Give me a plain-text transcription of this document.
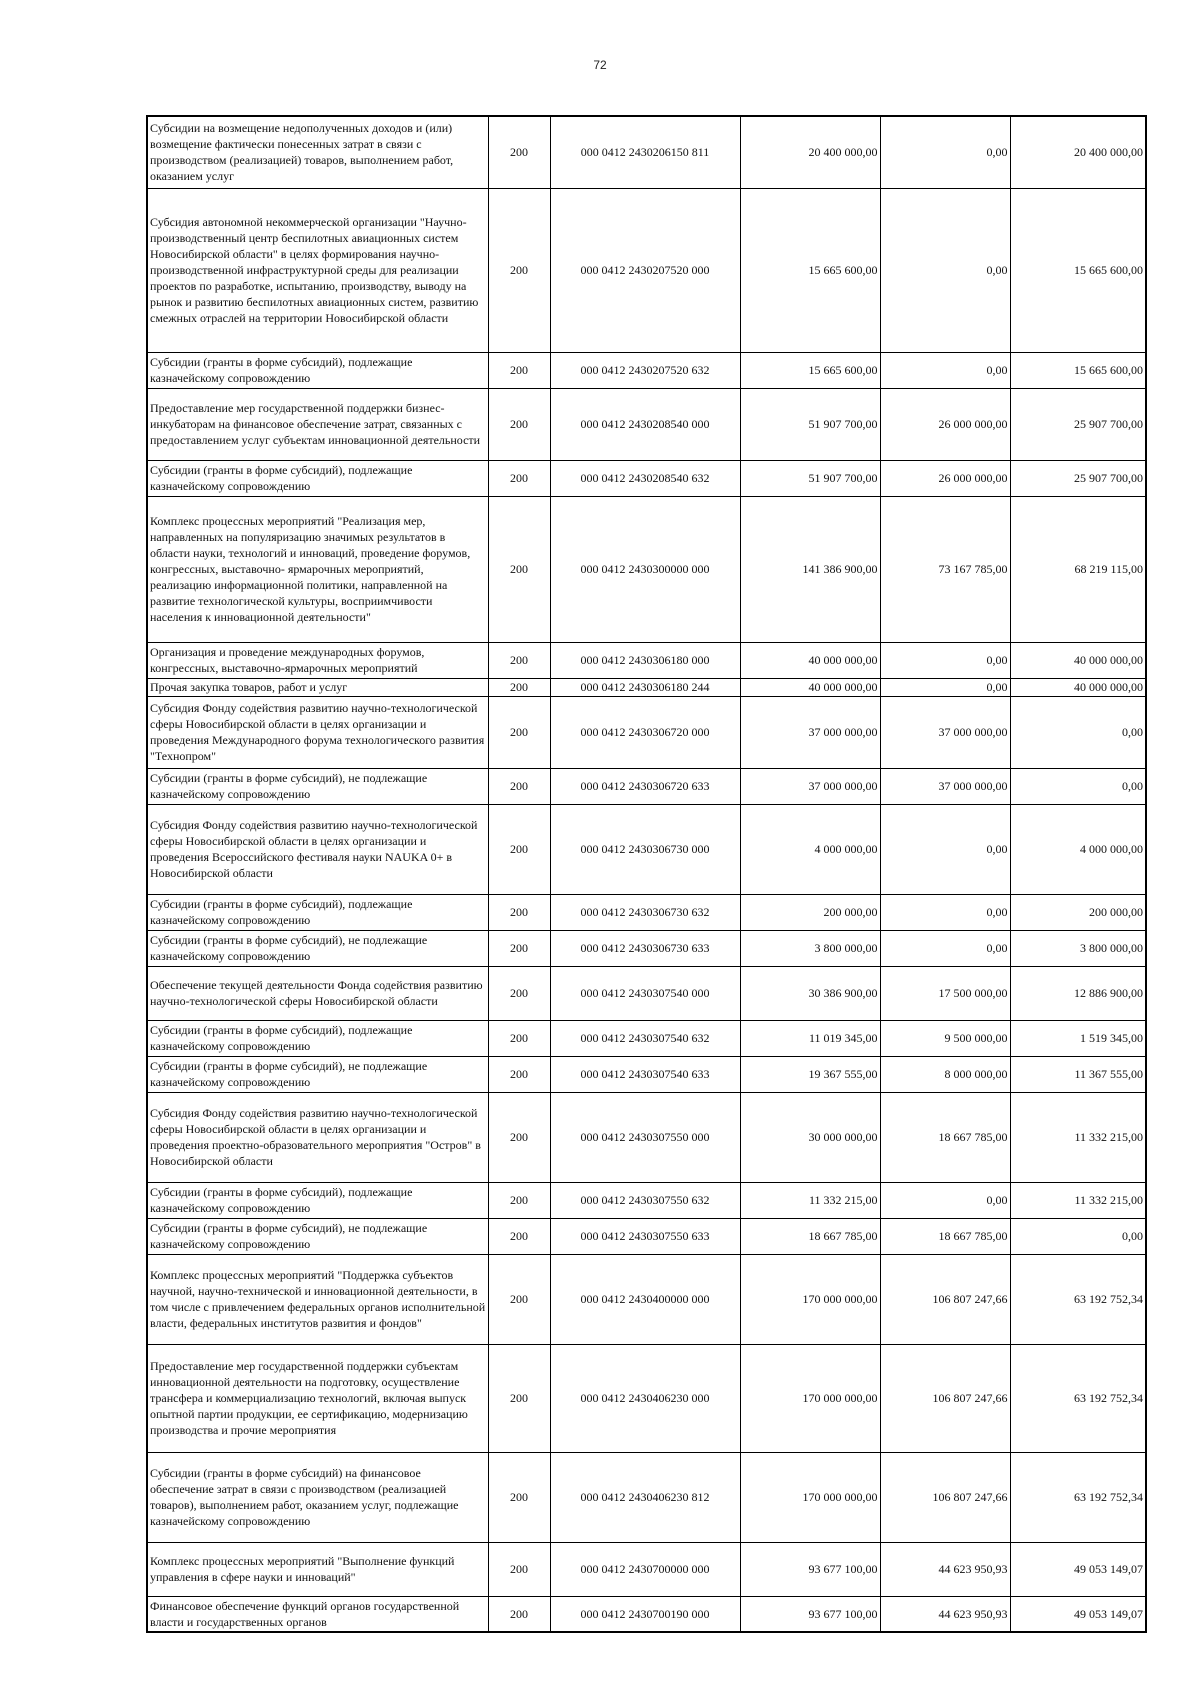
72
Субсидии на возмещение недополученных доходов и (или) возмещение фактически понесенных затрат в связи с производством (реализацией) товаров, выполнением работ, оказанием услуг	200	000 0412 2430206150 811	20 400 000,00	0,00	20 400 000,00
Субсидия автономной некоммерческой организации "Научно-производственный центр беспилотных авиационных систем Новосибирской области" в целях формирования научно-производственной инфраструктурной среды для реализации проектов по разработке, испытанию, производству, выводу на рынок и развитию беспилотных авиационных систем, развитию смежных отраслей на территории Новосибирской области	200	000 0412 2430207520 000	15 665 600,00	0,00	15 665 600,00
Субсидии (гранты в форме субсидий), подлежащие казначейскому сопровождению	200	000 0412 2430207520 632	15 665 600,00	0,00	15 665 600,00
Предоставление мер государственной поддержки бизнес-инкубаторам на финансовое обеспечение затрат, связанных с предоставлением услуг субъектам инновационной деятельности	200	000 0412 2430208540 000	51 907 700,00	26 000 000,00	25 907 700,00
Субсидии (гранты в форме субсидий), подлежащие казначейскому сопровождению	200	000 0412 2430208540 632	51 907 700,00	26 000 000,00	25 907 700,00
Комплекс процессных мероприятий "Реализация мер, направленных на популяризацию значимых результатов в области науки, технологий и инноваций, проведение форумов, конгрессных, выставочно- ярмарочных мероприятий, реализацию информационной политики, направленной на развитие технологической культуры, восприимчивости населения к инновационной деятельности"	200	000 0412 2430300000 000	141 386 900,00	73 167 785,00	68 219 115,00
Организация и проведение международных форумов, конгрессных, выставочно-ярмарочных мероприятий	200	000 0412 2430306180 000	40 000 000,00	0,00	40 000 000,00
Прочая закупка товаров, работ и услуг	200	000 0412 2430306180 244	40 000 000,00	0,00	40 000 000,00
Субсидия Фонду содействия развитию научно-технологической сферы Новосибирской области в целях организации и проведения Международного форума технологического развития "Технопром"	200	000 0412 2430306720 000	37 000 000,00	37 000 000,00	0,00
Субсидии (гранты в форме субсидий), не подлежащие казначейскому сопровождению	200	000 0412 2430306720 633	37 000 000,00	37 000 000,00	0,00
Субсидия Фонду содействия развитию научно-технологической сферы Новосибирской области в целях организации и проведения Всероссийского фестиваля науки NAUKA 0+ в Новосибирской области	200	000 0412 2430306730 000	4 000 000,00	0,00	4 000 000,00
Субсидии (гранты в форме субсидий), подлежащие казначейскому сопровождению	200	000 0412 2430306730 632	200 000,00	0,00	200 000,00
Субсидии (гранты в форме субсидий), не подлежащие казначейскому сопровождению	200	000 0412 2430306730 633	3 800 000,00	0,00	3 800 000,00
Обеспечение текущей деятельности Фонда содействия развитию научно-технологической сферы Новосибирской области	200	000 0412 2430307540 000	30 386 900,00	17 500 000,00	12 886 900,00
Субсидии (гранты в форме субсидий), подлежащие казначейскому сопровождению	200	000 0412 2430307540 632	11 019 345,00	9 500 000,00	1 519 345,00
Субсидии (гранты в форме субсидий), не подлежащие казначейскому сопровождению	200	000 0412 2430307540 633	19 367 555,00	8 000 000,00	11 367 555,00
Субсидия Фонду содействия развитию научно-технологической сферы Новосибирской области в целях организации и проведения проектно-образовательного мероприятия "Остров" в Новосибирской области	200	000 0412 2430307550 000	30 000 000,00	18 667 785,00	11 332 215,00
Субсидии (гранты в форме субсидий), подлежащие казначейскому сопровождению	200	000 0412 2430307550 632	11 332 215,00	0,00	11 332 215,00
Субсидии (гранты в форме субсидий), не подлежащие казначейскому сопровождению	200	000 0412 2430307550 633	18 667 785,00	18 667 785,00	0,00
Комплекс процессных мероприятий "Поддержка субъектов научной, научно-технической и инновационной деятельности, в том числе с привлечением федеральных органов исполнительной власти, федеральных институтов развития и фондов"	200	000 0412 2430400000 000	170 000 000,00	106 807 247,66	63 192 752,34
Предоставление мер государственной поддержки субъектам инновационной деятельности на подготовку, осуществление трансфера и коммерциализацию технологий, включая выпуск опытной партии продукции, ее сертификацию, модернизацию производства и прочие мероприятия	200	000 0412 2430406230 000	170 000 000,00	106 807 247,66	63 192 752,34
Субсидии (гранты в форме субсидий) на финансовое обеспечение затрат в связи с производством (реализацией товаров), выполнением работ, оказанием услуг, подлежащие казначейскому сопровождению	200	000 0412 2430406230 812	170 000 000,00	106 807 247,66	63 192 752,34
Комплекс процессных мероприятий "Выполнение функций управления в сфере науки и инноваций"	200	000 0412 2430700000 000	93 677 100,00	44 623 950,93	49 053 149,07
Финансовое обеспечение функций органов государственной власти и государственных органов	200	000 0412 2430700190 000	93 677 100,00	44 623 950,93	49 053 149,07
